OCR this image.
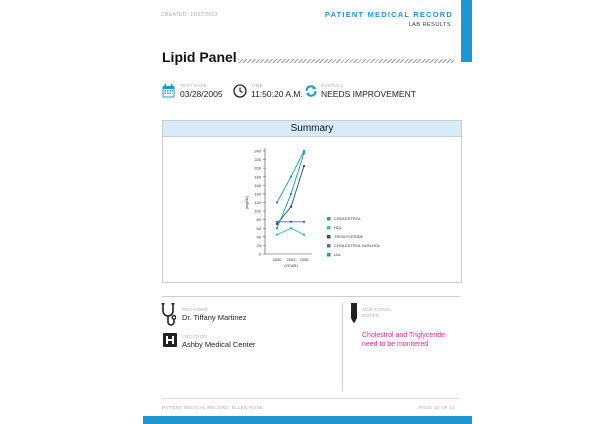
CREATED: 11/27/2013	PATIENT MEDICAL RECORD
LAB RESULTS
Lipid Panel
TEST DATE
03/28/2005
TIME
11:50:20 A.M.
OVERALL
NEEDS IMPROVEMENT
Summary
0
20
40
60
80
100
120
140
160
180
200
220
240
2000 2003 2005
(YEAR)
(mg/dL)
CHOLESTROL
HDL
TRIGLYCERIDE
CHOLESTROL NON-HDL
LDL
PROVIDER
Dr. Tiffany Martinez
LOCATION
Ashby Medical Center
ADDITIONAL
NOTES
Cholestrol and Triglyceride need to be monitered
PATIENT MEDICAL RECORD: ELLEN ROSE	PAGE 10 OF 13
